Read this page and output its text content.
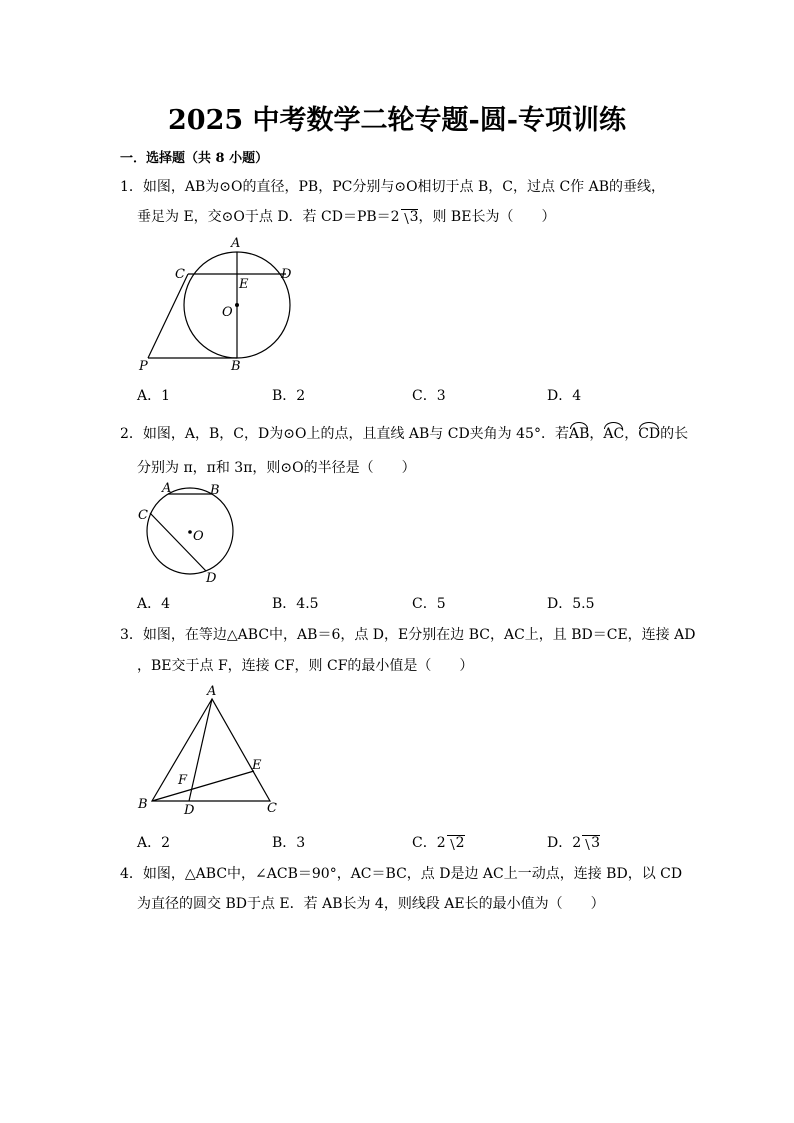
2025 中考数学二轮专题-圆-专项训练
一．选择题（共 8 小题）
1．如图，AB为⊙O的直径，PB，PC分别与⊙O相切于点 B，C，过点 C作 AB的垂线，
垂足为 E，交⊙O于点 D．若 CD＝PB＝2 3，则 BE长为（　　）
A
C	D
E
O
P	B
A．1	B．2	C．3	D．4
2．如图，A，B，C，D为⊙O上的点，且直线 AB与 CD夹角为 45°．若AB，AC，CD的长
分别为 π，π和 3π，则⊙O的半径是（　　）
A	B
C
O
D
A．4	B．4.5	C．5	D．5.5
3．如图，在等边△ABC中，AB＝6，点 D，E分别在边 BC，AC上，且 BD＝CE，连接 AD
，BE交于点 F，连接 CF，则 CF的最小值是（　　）
A
E
F
B	D	C
A．2	B．3	C．2 2	D．2 3
4．如图，△ABC中，∠ACB＝90°，AC＝BC，点 D是边 AC上一动点，连接 BD，以 CD
为直径的圆交 BD于点 E．若 AB长为 4，则线段 AE长的最小值为（　　）
